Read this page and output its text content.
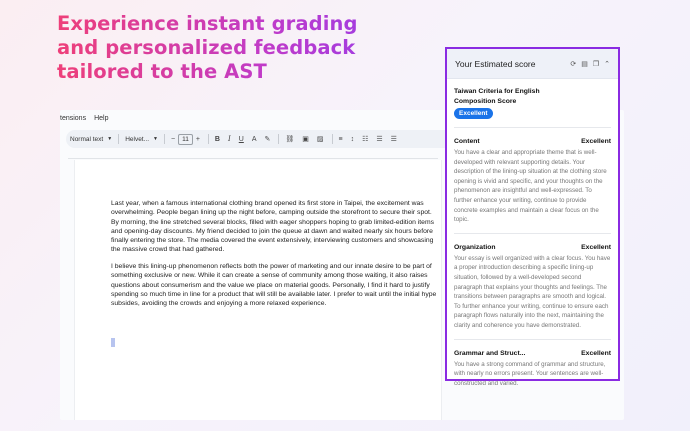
Experience instant grading
and personalized feedback
tailored to the AST
tensions Help
Normal text ▼ Helvet... ▼ −	11	+ B I U A ✎ ⛓ ▣ ▨ ≡ ↕ ☷ ☰ ☰

Last year, when a famous international clothing brand opened its first store in Taipei, the excitement was overwhelming. People began lining up the night before, camping outside the storefront to secure their spot. By morning, the line stretched several blocks, filled with eager shoppers hoping to grab limited-edition items and opening-day discounts. My friend decided to join the queue at dawn and waited nearly six hours before finally entering the store. The media covered the event extensively, interviewing customers and showcasing the massive crowd that had gathered.

I believe this lining-up phenomenon reflects both the power of marketing and our innate desire to be part of something exclusive or new. While it can create a sense of community among those waiting, it also raises questions about consumerism and the value we place on material goods. Personally, I find it hard to justify spending so much time in line for a product that will still be available later. I prefer to wait until the initial hype subsides, avoiding the crowds and enjoying a more relaxed experience.

Your Estimated score	⟳ ▤ ❐ ⌃
Taiwan Criteria for English
Composition Score
Excellent
Content	Excellent
You have a clear and appropriate theme that is well-developed with relevant supporting details. Your description of the lining-up situation at the clothing store opening is vivid and specific, and your thoughts on the phenomenon are insightful and well-expressed. To further enhance your writing, continue to provide concrete examples and maintain a clear focus on the topic.
Organization	Excellent
Your essay is well organized with a clear focus. You have a proper introduction describing a specific lining-up situation, followed by a well-developed second paragraph that explains your thoughts and feelings. The transitions between paragraphs are smooth and logical. To further enhance your writing, continue to ensure each paragraph flows naturally into the next, maintaining the clarity and coherence you have demonstrated.
Grammar and Struct...	Excellent
You have a strong command of grammar and structure, with nearly no errors present. Your sentences are well-constructed and varied.
